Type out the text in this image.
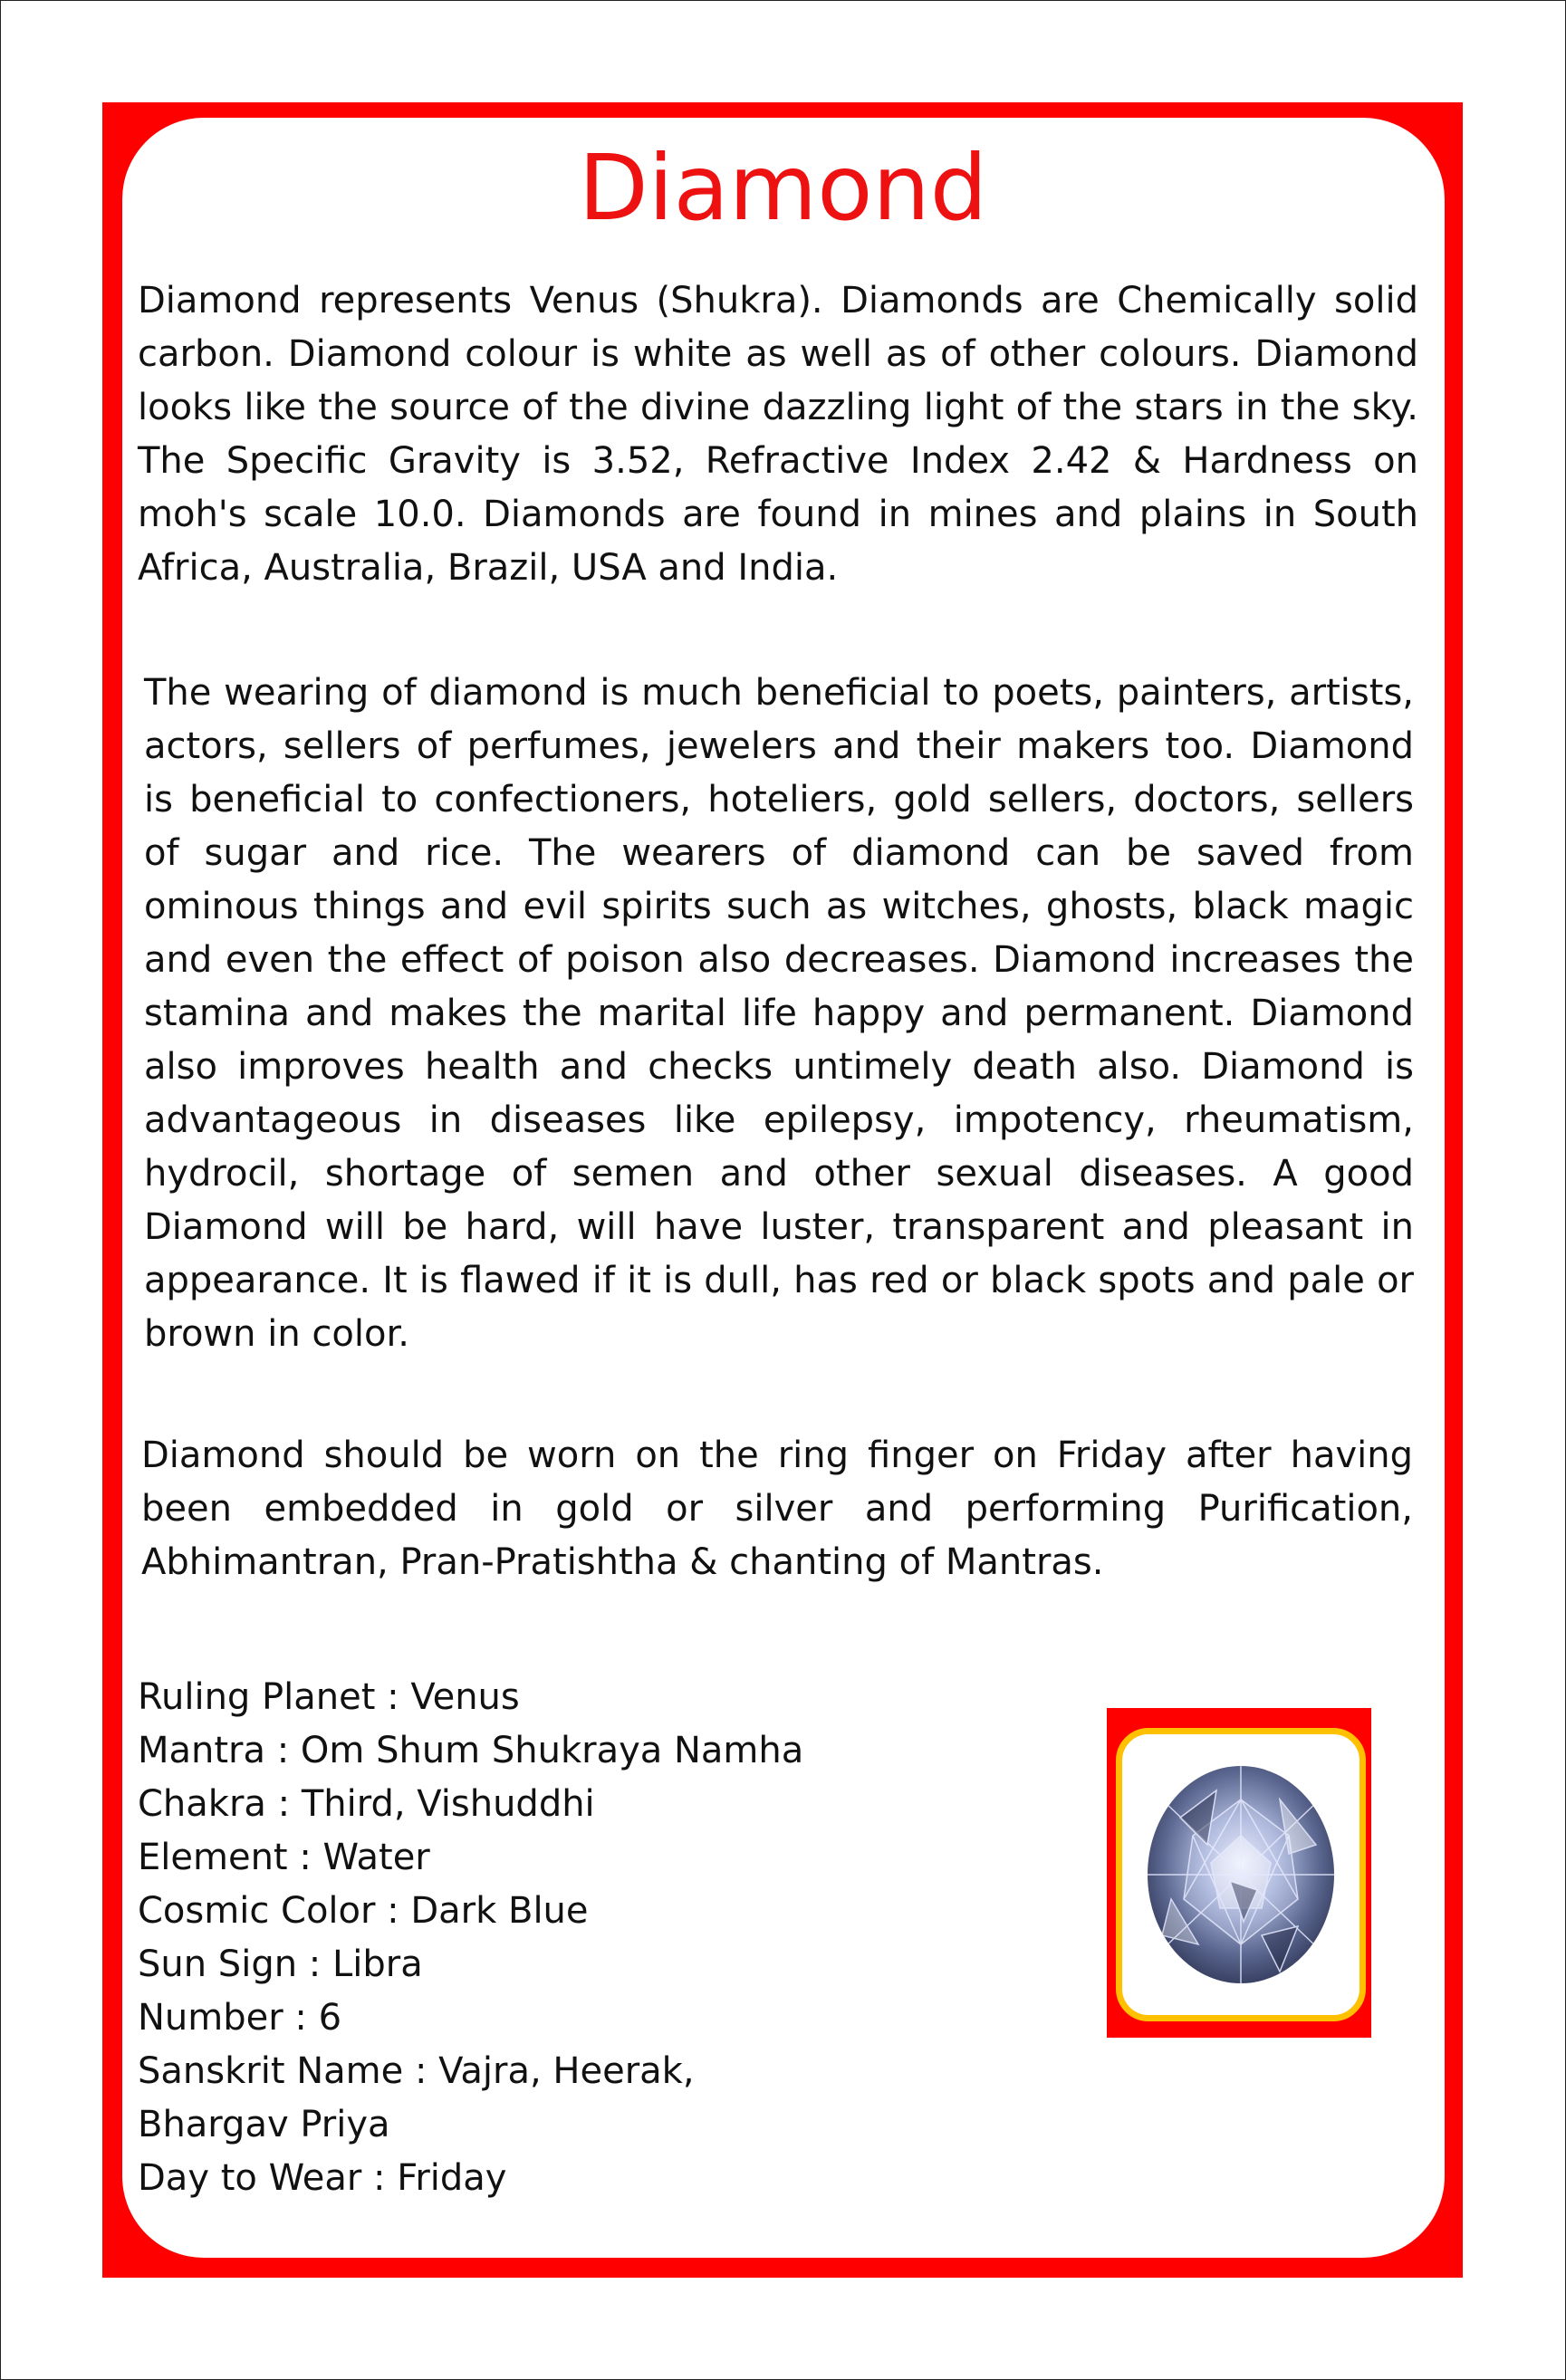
Diamond

Diamond represents Venus (Shukra). Diamonds are Chemically solid carbon. Diamond colour is white as well as of other colours. Diamond looks like the source of the divine dazzling light of the stars in the sky. The Specific Gravity is 3.52, Refractive Index 2.42 & Hardness on moh's scale 10.0. Diamonds are found in mines and plains in South Africa, Australia, Brazil, USA and India.

The wearing of diamond is much beneficial to poets, painters, artists, actors, sellers of perfumes, jewelers and their makers too. Diamond is beneficial to confectioners, hoteliers, gold sellers, doctors, sellers of sugar and rice. The wearers of diamond can be saved from ominous things and evil spirits such as witches, ghosts, black magic and even the effect of poison also decreases. Diamond increases the stamina and makes the marital life happy and permanent. Diamond also improves health and checks untimely death also. Diamond is advantageous in diseases like epilepsy, impotency, rheumatism, hydrocil, shortage of semen and other sexual diseases. A good Diamond will be hard, will have luster, transparent and pleasant in appearance. It is flawed if it is dull, has red or black spots and pale or brown in color.

Diamond should be worn on the ring finger on Friday after having been embedded in gold or silver and performing Purification, Abhimantran, Pran-Pratishtha & chanting of Mantras.

Ruling Planet : Venus
Mantra : Om Shum Shukraya Namha
Chakra : Third, Vishuddhi
Element : Water
Cosmic Color : Dark Blue
Sun Sign : Libra
Number : 6
Sanskrit Name : Vajra, Heerak,
Bhargav Priya
Day to Wear : Friday
